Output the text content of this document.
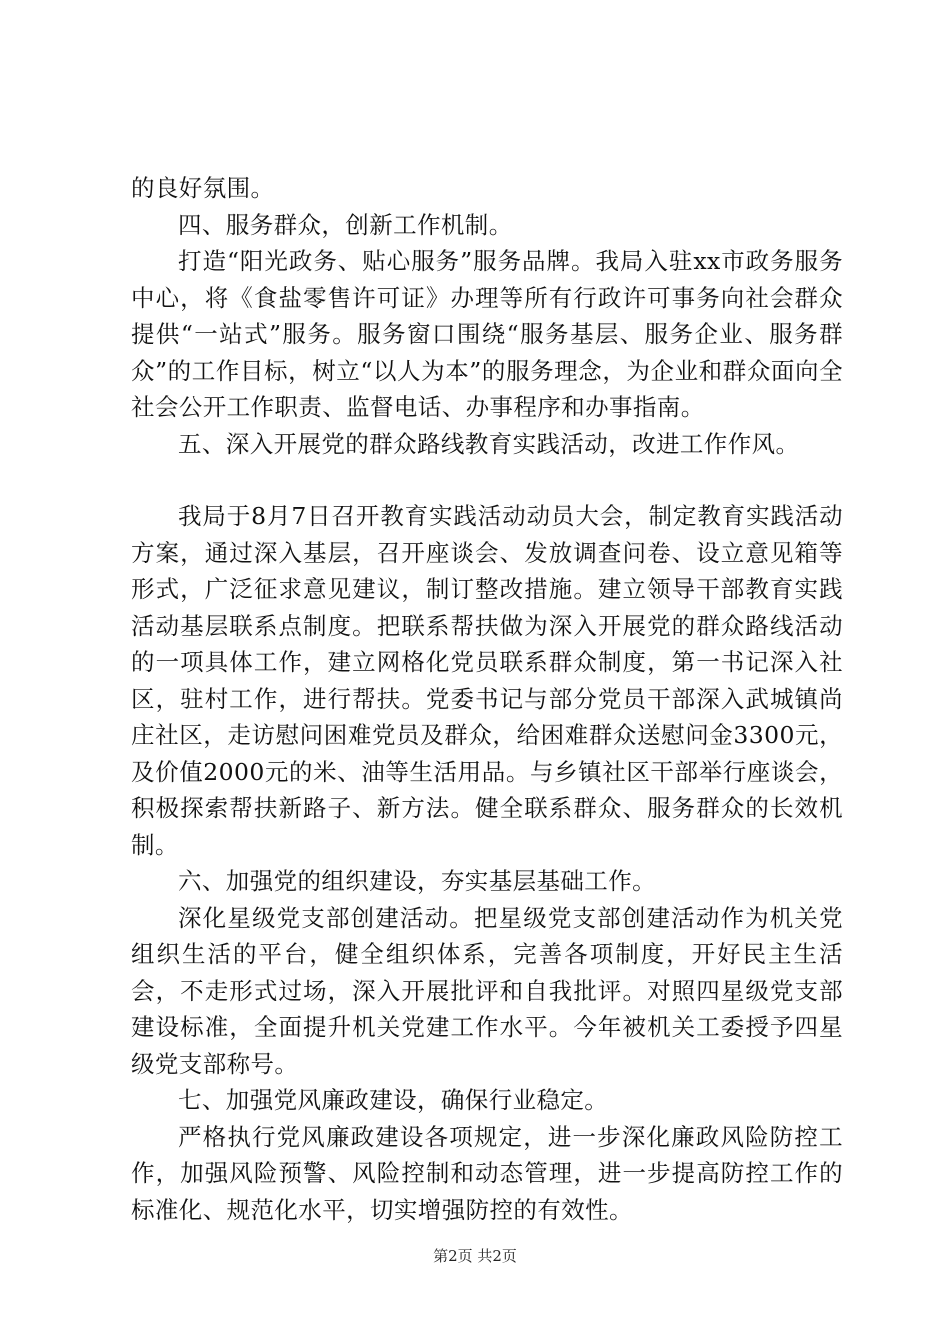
的良好氛围。

四、服务群众，创新工作机制。

打造“阳光政务、贴心服务”服务品牌。我局入驻xx市政务服务中心，将《食盐零售许可证》办理等所有行政许可事务向社会群众提供“一站式”服务。服务窗口围绕“服务基层、服务企业、服务群众”的工作目标，树立“以人为本”的服务理念，为企业和群众面向全社会公开工作职责、监督电话、办事程序和办事指南。

五、深入开展党的群众路线教育实践活动，改进工作作风。

我局于8月7日召开教育实践活动动员大会，制定教育实践活动方案，通过深入基层，召开座谈会、发放调查问卷、设立意见箱等形式，广泛征求意见建议，制订整改措施。建立领导干部教育实践活动基层联系点制度。把联系帮扶做为深入开展党的群众路线活动的一项具体工作，建立网格化党员联系群众制度，第一书记深入社区，驻村工作，进行帮扶。党委书记与部分党员干部深入武城镇尚庄社区，走访慰问困难党员及群众，给困难群众送慰问金3300元，及价值2000元的米、油等生活用品。与乡镇社区干部举行座谈会，积极探索帮扶新路子、新方法。健全联系群众、服务群众的长效机制。

六、加强党的组织建设，夯实基层基础工作。

深化星级党支部创建活动。把星级党支部创建活动作为机关党组织生活的平台，健全组织体系，完善各项制度，开好民主生活会，不走形式过场，深入开展批评和自我批评。对照四星级党支部建设标准，全面提升机关党建工作水平。今年被机关工委授予四星级党支部称号。

七、加强党风廉政建设，确保行业稳定。

严格执行党风廉政建设各项规定，进一步深化廉政风险防控工作，加强风险预警、风险控制和动态管理，进一步提高防控工作的标准化、规范化水平，切实增强防控的有效性。

第2页 共2页
